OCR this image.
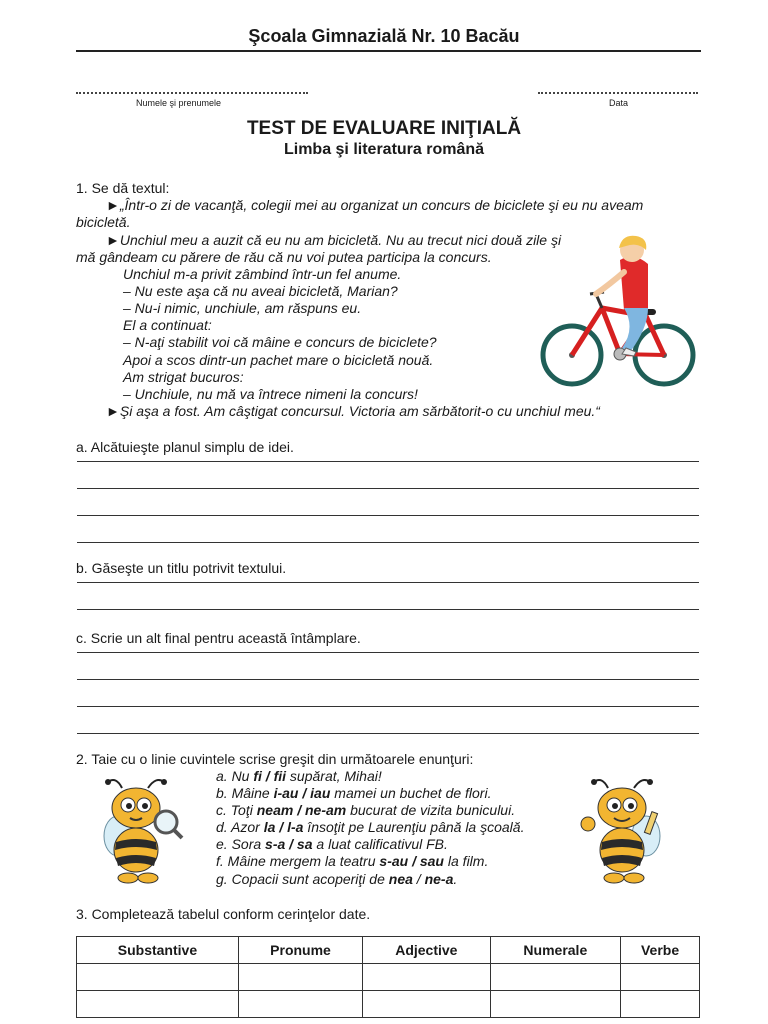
Şcoala Gimnazială Nr. 10 Bacău
Numele şi prenumele	Data
TEST DE EVALUARE INIŢIALĂ
Limba şi literatura română
1. Se dă textul:
►„Într-o zi de vacanţă, colegii mei au organizat un concurs de biciclete şi eu nu aveam
bicicletă.
►Unchiul meu a auzit că eu nu am bicicletă. Nu au trecut nici două zile şi
mă gândeam cu părere de rău că nu voi putea participa la concurs.
Unchiul m-a privit zâmbind într-un fel anume.
– Nu este aşa că nu aveai bicicletă, Marian?
– Nu-i nimic, unchiule, am răspuns eu.
El a continuat:
– N-aţi stabilit voi că mâine e concurs de biciclete?
Apoi a scos dintr-un pachet mare o bicicletă nouă.
Am strigat bucuros:
– Unchiule, nu mă va întrece nimeni la concurs!
►Şi aşa a fost. Am câştigat concursul. Victoria am sărbătorit-o cu unchiul meu.“
a. Alcătuieşte planul simplu de idei.
b. Găseşte un titlu potrivit textului.
c. Scrie un alt final pentru această întâmplare.
2. Taie cu o linie cuvintele scrise greşit din următoarele enunţuri:
a. Nu fi / fii supărat, Mihai!
b. Mâine i-au / iau mamei un buchet de flori.
c. Toţi neam / ne-am bucurat de vizita bunicului.
d. Azor la / l-a însoţit pe Laurenţiu până la şcoală.
e. Sora s-a / sa a luat calificativul FB.
f. Mâine mergem la teatru s-au / sau la film.
g. Copacii sunt acoperiţi de nea / ne-a.
3. Completează tabelul conform cerinţelor date.
Substantive	Pronume	Adjective	Numerale	Verbe
